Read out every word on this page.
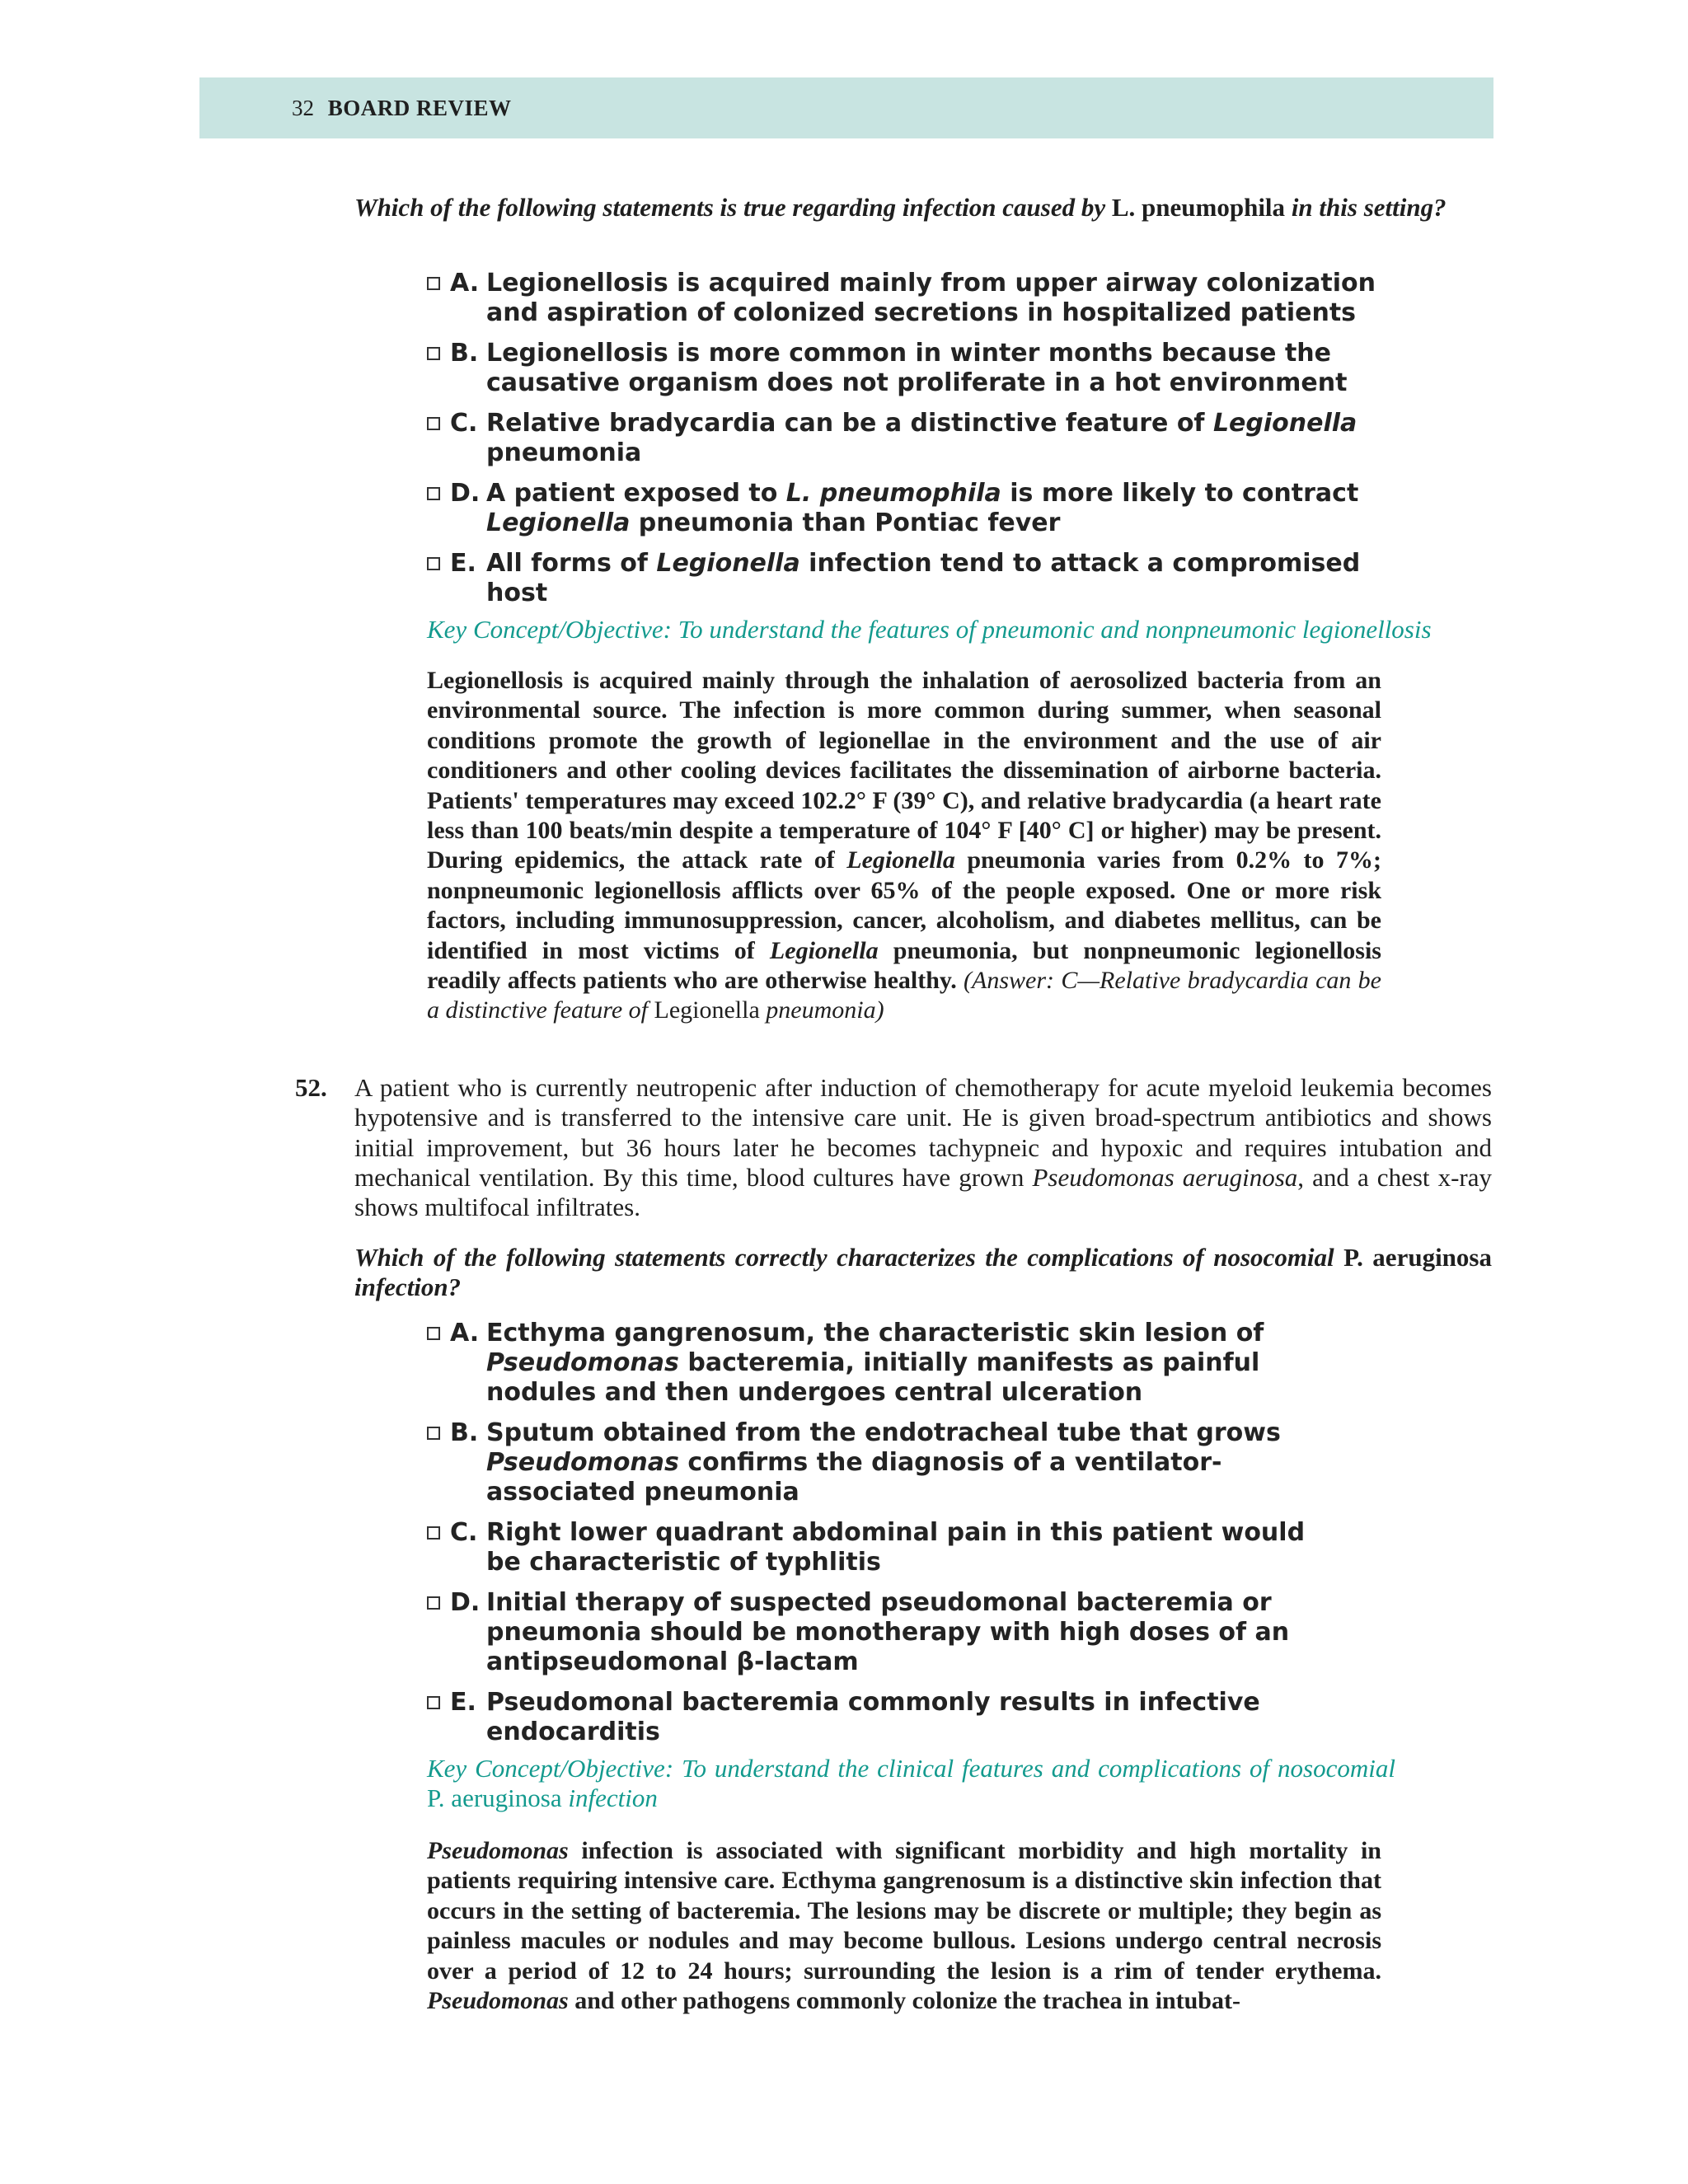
32 BOARD REVIEW
Which of the following statements is true regarding infection caused by L. pneumophila in this setting?
A. Legionellosis is acquired mainly from upper airway colonization and aspiration of colonized secretions in hospitalized patients
B. Legionellosis is more common in winter months because the causative organism does not proliferate in a hot environment
C. Relative bradycardia can be a distinctive feature of Legionella pneumonia
D. A patient exposed to L. pneumophila is more likely to contract Legionella pneumonia than Pontiac fever
E. All forms of Legionella infection tend to attack a compromised host
Key Concept/Objective: To understand the features of pneumonic and nonpneumonic legionellosis
Legionellosis is acquired mainly through the inhalation of aerosolized bacteria from an environmental source. The infection is more common during summer, when seasonal conditions promote the growth of legionellae in the environment and the use of air conditioners and other cooling devices facilitates the dissemination of airborne bacteria. Patients' temperatures may exceed 102.2° F (39° C), and relative bradycardia (a heart rate less than 100 beats/min despite a temperature of 104° F [40° C] or higher) may be present. During epidemics, the attack rate of Legionella pneumonia varies from 0.2% to 7%; nonpneumonic legionellosis afflicts over 65% of the people exposed. One or more risk factors, including immunosuppression, cancer, alcoholism, and diabetes mellitus, can be identified in most victims of Legionella pneumonia, but nonpneumonic legionellosis readily affects patients who are otherwise healthy. (Answer: C—Relative bradycardia can be a distinctive feature of Legionella pneumonia)
52. A patient who is currently neutropenic after induction of chemotherapy for acute myeloid leukemia becomes hypotensive and is transferred to the intensive care unit. He is given broad-spectrum antibiotics and shows initial improvement, but 36 hours later he becomes tachypneic and hypoxic and requires intubation and mechanical ventilation. By this time, blood cultures have grown Pseudomonas aeruginosa, and a chest x-ray shows multifocal infiltrates.
Which of the following statements correctly characterizes the complications of nosocomial P. aeruginosa infection?
A. Ecthyma gangrenosum, the characteristic skin lesion of Pseudomonas bacteremia, initially manifests as painful nodules and then undergoes central ulceration
B. Sputum obtained from the endotracheal tube that grows Pseudomonas confirms the diagnosis of a ventilator-associated pneumonia
C. Right lower quadrant abdominal pain in this patient would be characteristic of typhlitis
D. Initial therapy of suspected pseudomonal bacteremia or pneumonia should be monotherapy with high doses of an antipseudomonal β-lactam
E. Pseudomonal bacteremia commonly results in infective endocarditis
Key Concept/Objective: To understand the clinical features and complications of nosocomial P. aeruginosa infection
Pseudomonas infection is associated with significant morbidity and high mortality in patients requiring intensive care. Ecthyma gangrenosum is a distinctive skin infection that occurs in the setting of bacteremia. The lesions may be discrete or multiple; they begin as painless macules or nodules and may become bullous. Lesions undergo central necrosis over a period of 12 to 24 hours; surrounding the lesion is a rim of tender erythema. Pseudomonas and other pathogens commonly colonize the trachea in intubat-
